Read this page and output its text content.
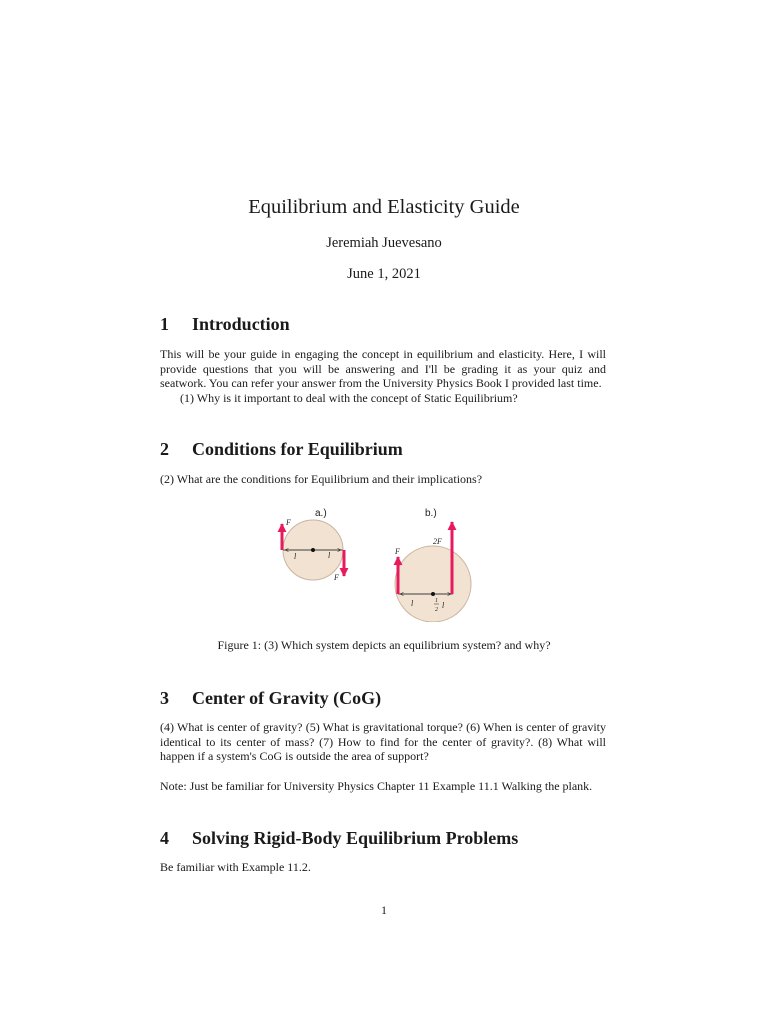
Equilibrium and Elasticity Guide
Jeremiah Juevesano
June 1, 2021
1 Introduction
This will be your guide in engaging the concept in equilibrium and elasticity. Here, I will provide questions that you will be answering and I'll be grading it as your quiz and seatwork. You can refer your answer from the University Physics Book I provided last time.
(1) Why is it important to deal with the concept of Static Equilibrium?
2 Conditions for Equilibrium
(2) What are the conditions for Equilibrium and their implications?
a.)
F
F
l	l
b.)
F
2F
l	1
2 l
Figure 1: (3) Which system depicts an equilibrium system? and why?
3 Center of Gravity (CoG)
(4) What is center of gravity? (5) What is gravitational torque? (6) When is center of gravity identical to its center of mass? (7) How to find for the center of gravity?. (8) What will happen if a system's CoG is outside the area of support?
Note: Just be familiar for University Physics Chapter 11 Example 11.1 Walking the plank.
4 Solving Rigid-Body Equilibrium Problems
Be familiar with Example 11.2.
1
